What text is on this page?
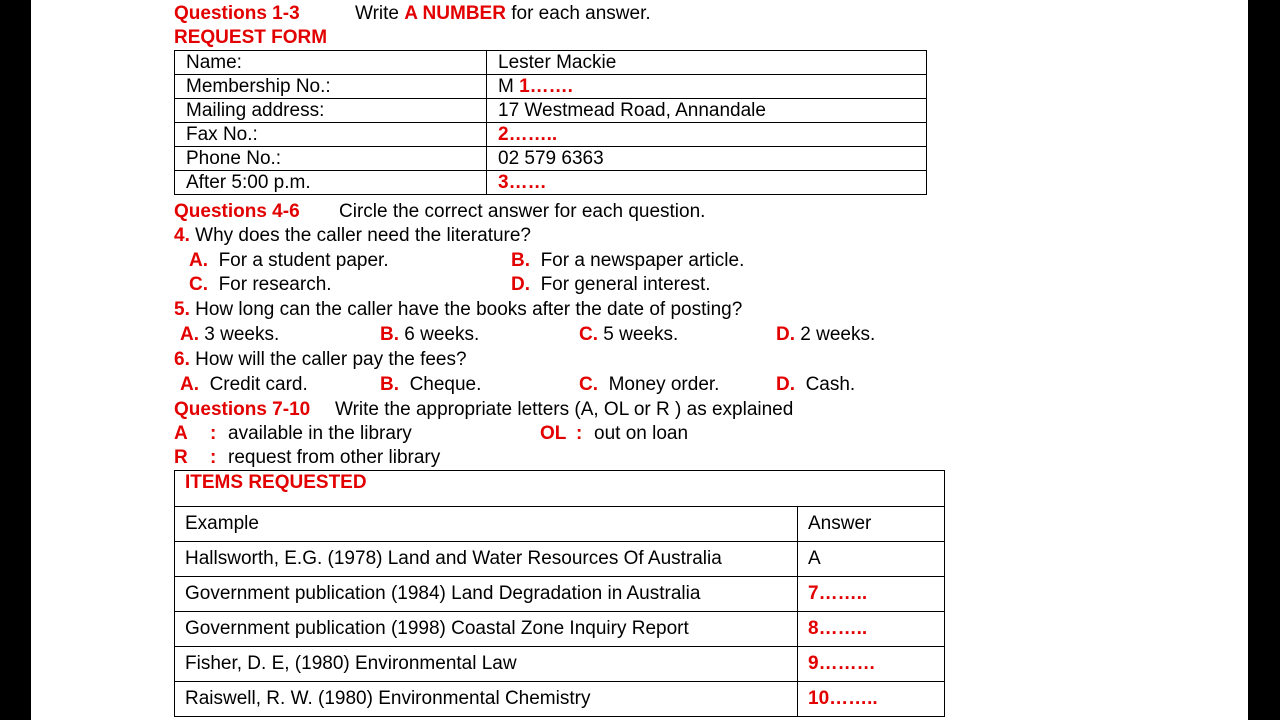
Questions 1-3	Write A NUMBER for each answer.
REQUEST FORM
Name:	Lester Mackie
Membership No.:	M 1…….
Mailing address:	17 Westmead Road, Annandale
Fax No.:	2……..
Phone No.:	02 579 6363
After 5:00 p.m.	3……
Questions 4-6 Circle the correct answer for each question.
4. Why does the caller need the literature?
A. For a student paper.	B. For a newspaper article.
C. For research.	D. For general interest.
5. How long can the caller have the books after the date of posting?
A. 3 weeks.	B. 6 weeks.	C. 5 weeks.	D. 2 weeks.
6. How will the caller pay the fees?
A. Credit card.	B. Cheque.	C. Money order.	D. Cash.
Questions 7-10 Write the appropriate letters (A, OL or R ) as explained
A : available in the library	OL : out on loan
R : request from other library
ITEMS REQUESTED	
Example	Answer
Hallsworth, E.G. (1978) Land and Water Resources Of Australia	A
Government publication (1984) Land Degradation in Australia	7……..
Government publication (1998) Coastal Zone Inquiry Report	8……..
Fisher, D. E, (1980) Environmental Law	9………
Raiswell, R. W. (1980) Environmental Chemistry	10……..
